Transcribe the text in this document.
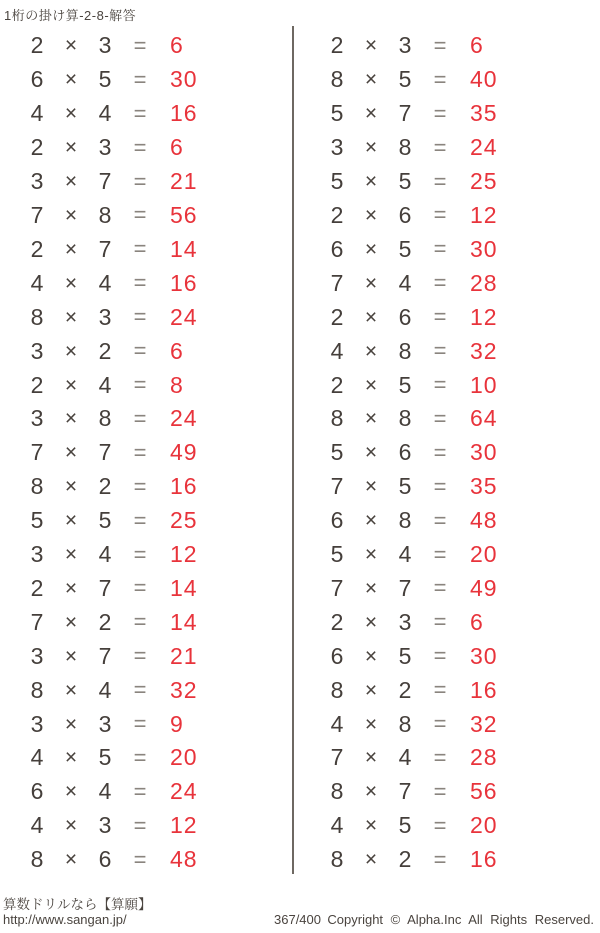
1桁の掛け算-2-8-解答
2	× 3	=	6
6	× 5	=	30
4	× 4	=	16
2	× 3	=	6
3	× 7	=	21
7	× 8	=	56
2	× 7	=	14
4	× 4	=	16
8	× 3	=	24
3	× 2	=	6
2	× 4	=	8
3	× 8	=	24
7	× 7	=	49
8	× 2	=	16
5	× 5	=	25
3	× 4	=	12
2	× 7	=	14
7	× 2	=	14
3	× 7	=	21
8	× 4	=	32
3	× 3	=	9
4	× 5	=	20
6	× 4	=	24
4	× 3	=	12
8	× 6	=	48
2	× 3	=	6
8	× 5	=	40
5	× 7	=	35
3	× 8	=	24
5	× 5	=	25
2	× 6	=	12
6	× 5	=	30
7	× 4	=	28
2	× 6	=	12
4	× 8	=	32
2	× 5	=	10
8	× 8	=	64
5	× 6	=	30
7	× 5	=	35
6	× 8	=	48
5	× 4	=	20
7	× 7	=	49
2	× 3	=	6
6	× 5	=	30
8	× 2	=	16
4	× 8	=	32
7	× 4	=	28
8	× 7	=	56
4	× 5	=	20
8	× 2	=	16
算数ドリルなら【算願】
http://www.sangan.jp/	367/400 Copyright © Alpha.Inc All Rights Reserved.
